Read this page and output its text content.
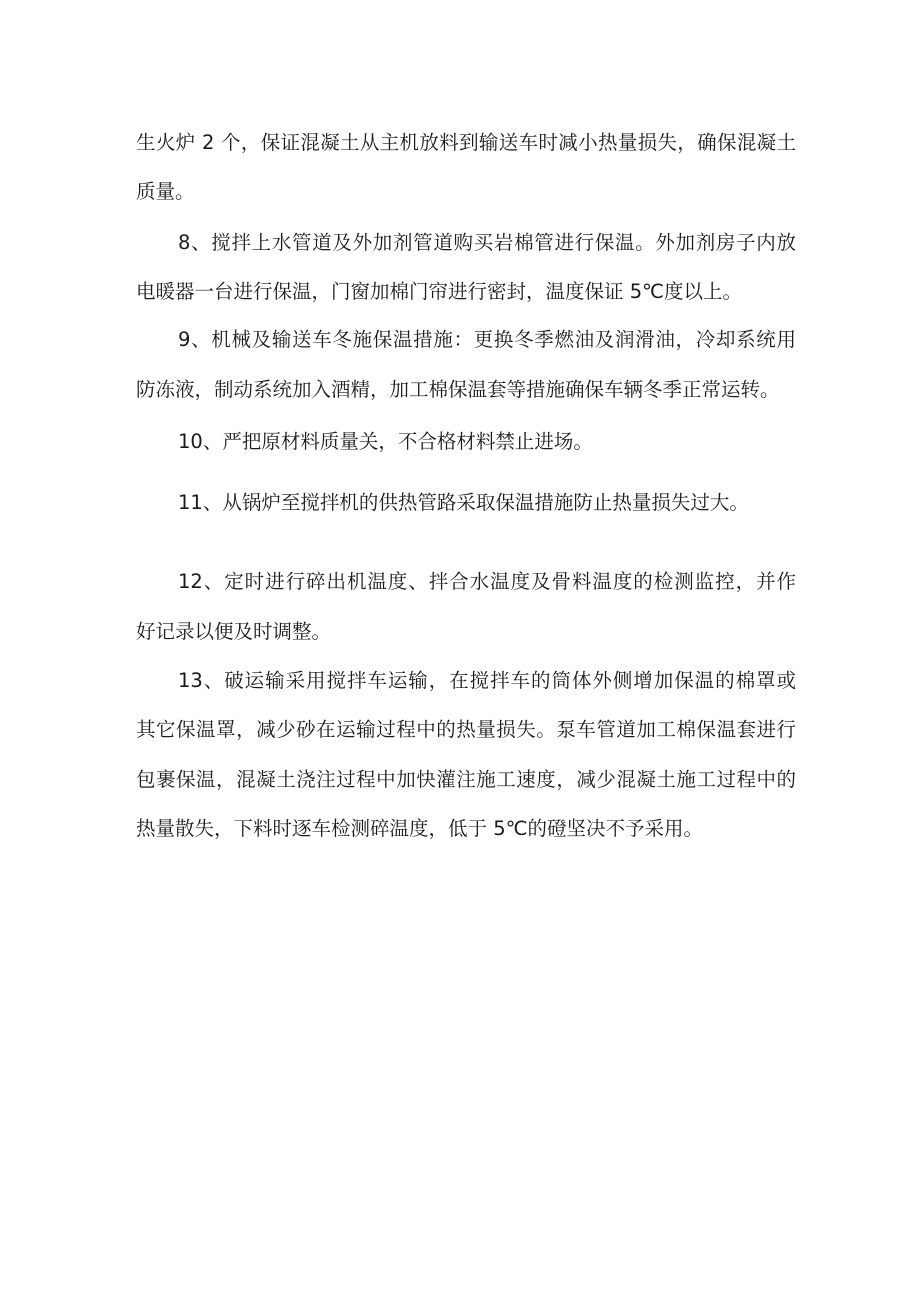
生火炉 2 个，保证混凝土从主机放料到输送车时减小热量损失，确保混凝土
质量。
8、搅拌上水管道及外加剂管道购买岩棉管进行保温。外加剂房子内放
电暖器一台进行保温，门窗加棉门帘进行密封，温度保证 5℃度以上。
9、机械及输送车冬施保温措施：更换冬季燃油及润滑油，冷却系统用
防冻液，制动系统加入酒精，加工棉保温套等措施确保车辆冬季正常运转。
10、严把原材料质量关，不合格材料禁止进场。
11、从锅炉至搅拌机的供热管路采取保温措施防止热量损失过大。
12、定时进行碎出机温度、拌合水温度及骨料温度的检测监控，并作
好记录以便及时调整。
13、破运输采用搅拌车运输，在搅拌车的筒体外侧增加保温的棉罩或
其它保温罩，减少砂在运输过程中的热量损失。泵车管道加工棉保温套进行
包裹保温，混凝土浇注过程中加快灌注施工速度，减少混凝土施工过程中的
热量散失，下料时逐车检测碎温度，低于 5℃的磴坚决不予采用。
